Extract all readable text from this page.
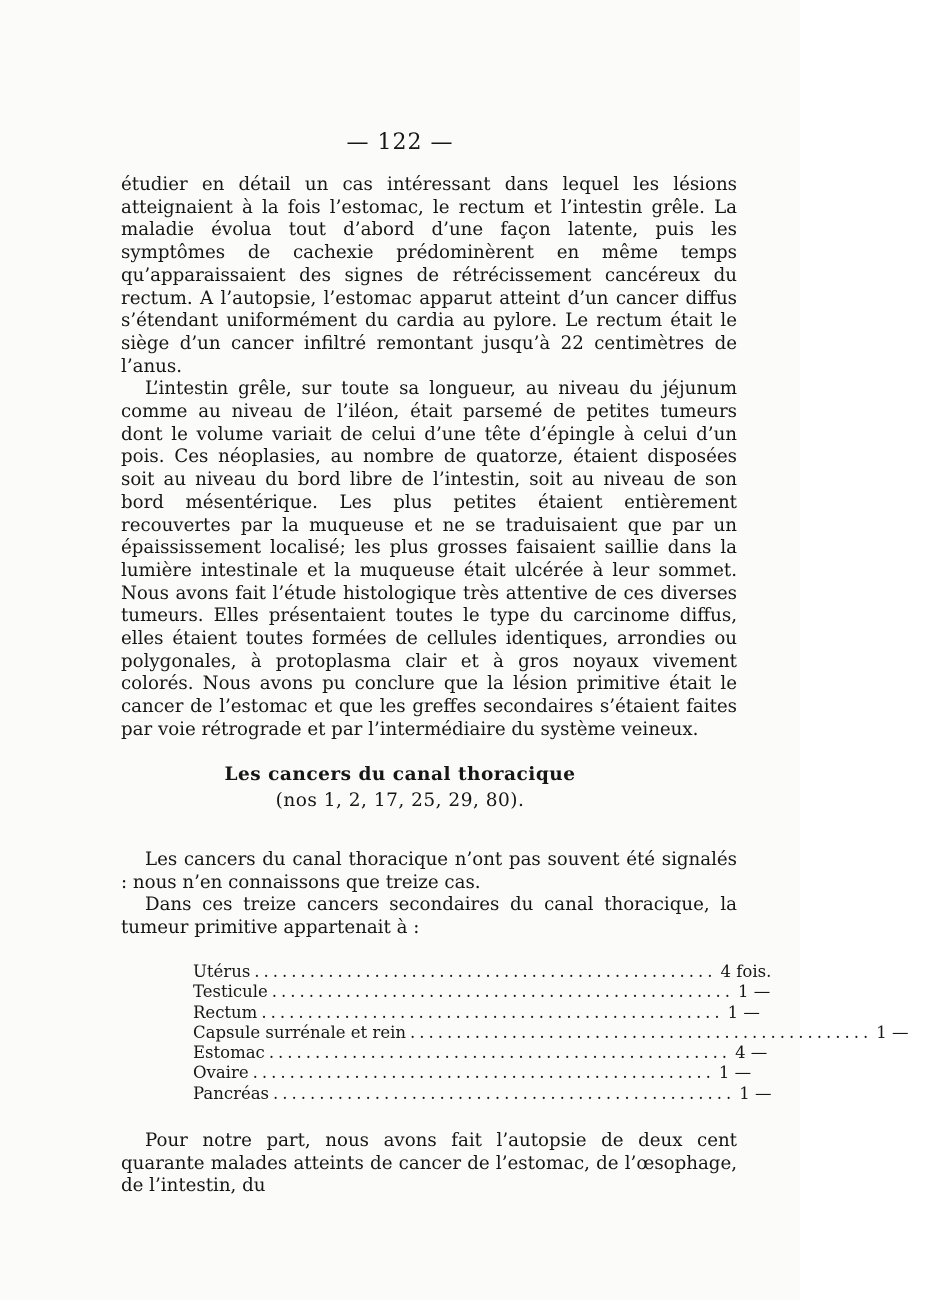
— 122 —

étudier en détail un cas intéressant dans lequel les lésions atteignaient à la fois l’estomac, le rectum et l’intestin grêle. La maladie évolua tout d’abord d’une façon latente, puis les symptômes de cachexie prédominèrent en même temps qu’apparaissaient des signes de rétrécissement cancéreux du rectum. A l’autopsie, l’estomac apparut atteint d’un cancer diffus s’étendant uniformément du cardia au pylore. Le rectum était le siège d’un cancer infiltré remontant jusqu’à 22 centimètres de l’anus.

L’intestin grêle, sur toute sa longueur, au niveau du jéjunum comme au niveau de l’iléon, était parsemé de petites tumeurs dont le volume variait de celui d’une tête d’épingle à celui d’un pois. Ces néoplasies, au nombre de quatorze, étaient disposées soit au niveau du bord libre de l’intestin, soit au niveau de son bord mésentérique. Les plus petites étaient entièrement recouvertes par la muqueuse et ne se traduisaient que par un épaississement localisé; les plus grosses faisaient saillie dans la lumière intestinale et la muqueuse était ulcérée à leur sommet. Nous avons fait l’étude histologique très attentive de ces diverses tumeurs. Elles présentaient toutes le type du carcinome diffus, elles étaient toutes formées de cellules identiques, arrondies ou polygonales, à protoplasma clair et à gros noyaux vivement colorés. Nous avons pu conclure que la lésion primitive était le cancer de l’estomac et que les greffes secondaires s’étaient faites par voie rétrograde et par l’intermédiaire du système veineux.

Les cancers du canal thoracique
(nos 1, 2, 17, 25, 29, 80).

Les cancers du canal thoracique n’ont pas souvent été signalés : nous n’en connaissons que treize cas.

Dans ces treize cancers secondaires du canal thoracique, la tumeur primitive appartenait à :

Utérus .................................................. 4 fois.
Testicule .................................................. 1 —
Rectum .................................................. 1 —
Capsule surrénale et rein .................................................. 1 —
Estomac .................................................. 4 —
Ovaire .................................................. 1 —
Pancréas .................................................. 1 —

Pour notre part, nous avons fait l’autopsie de deux cent quarante malades atteints de cancer de l’estomac, de l’œsophage, de l’intestin, du
